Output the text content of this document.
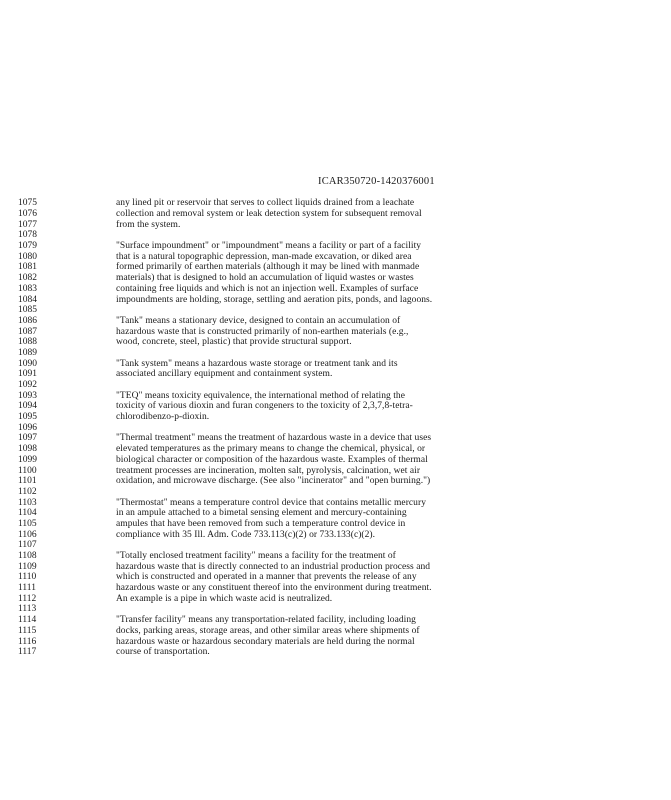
ICAR350720-1420376001
1075	any lined pit or reservoir that serves to collect liquids drained from a leachate
1076	collection and removal system or leak detection system for subsequent removal
1077	from the system.
1078
1079	"Surface impoundment" or "impoundment" means a facility or part of a facility
1080	that is a natural topographic depression, man-made excavation, or diked area
1081	formed primarily of earthen materials (although it may be lined with manmade
1082	materials) that is designed to hold an accumulation of liquid wastes or wastes
1083	containing free liquids and which is not an injection well. Examples of surface
1084	impoundments are holding, storage, settling and aeration pits, ponds, and lagoons.
1085
1086	"Tank" means a stationary device, designed to contain an accumulation of
1087	hazardous waste that is constructed primarily of non-earthen materials (e.g.,
1088	wood, concrete, steel, plastic) that provide structural support.
1089
1090	"Tank system" means a hazardous waste storage or treatment tank and its
1091	associated ancillary equipment and containment system.
1092
1093	"TEQ" means toxicity equivalence, the international method of relating the
1094	toxicity of various dioxin and furan congeners to the toxicity of 2,3,7,8-tetra-
1095	chlorodibenzo-p-dioxin.
1096
1097	"Thermal treatment" means the treatment of hazardous waste in a device that uses
1098	elevated temperatures as the primary means to change the chemical, physical, or
1099	biological character or composition of the hazardous waste. Examples of thermal
1100	treatment processes are incineration, molten salt, pyrolysis, calcination, wet air
1101	oxidation, and microwave discharge. (See also "incinerator" and "open burning.")
1102
1103	"Thermostat" means a temperature control device that contains metallic mercury
1104	in an ampule attached to a bimetal sensing element and mercury-containing
1105	ampules that have been removed from such a temperature control device in
1106	compliance with 35 Ill. Adm. Code 733.113(c)(2) or 733.133(c)(2).
1107
1108	"Totally enclosed treatment facility" means a facility for the treatment of
1109	hazardous waste that is directly connected to an industrial production process and
1110	which is constructed and operated in a manner that prevents the release of any
1111	hazardous waste or any constituent thereof into the environment during treatment.
1112	An example is a pipe in which waste acid is neutralized.
1113
1114	"Transfer facility" means any transportation-related facility, including loading
1115	docks, parking areas, storage areas, and other similar areas where shipments of
1116	hazardous waste or hazardous secondary materials are held during the normal
1117	course of transportation.
